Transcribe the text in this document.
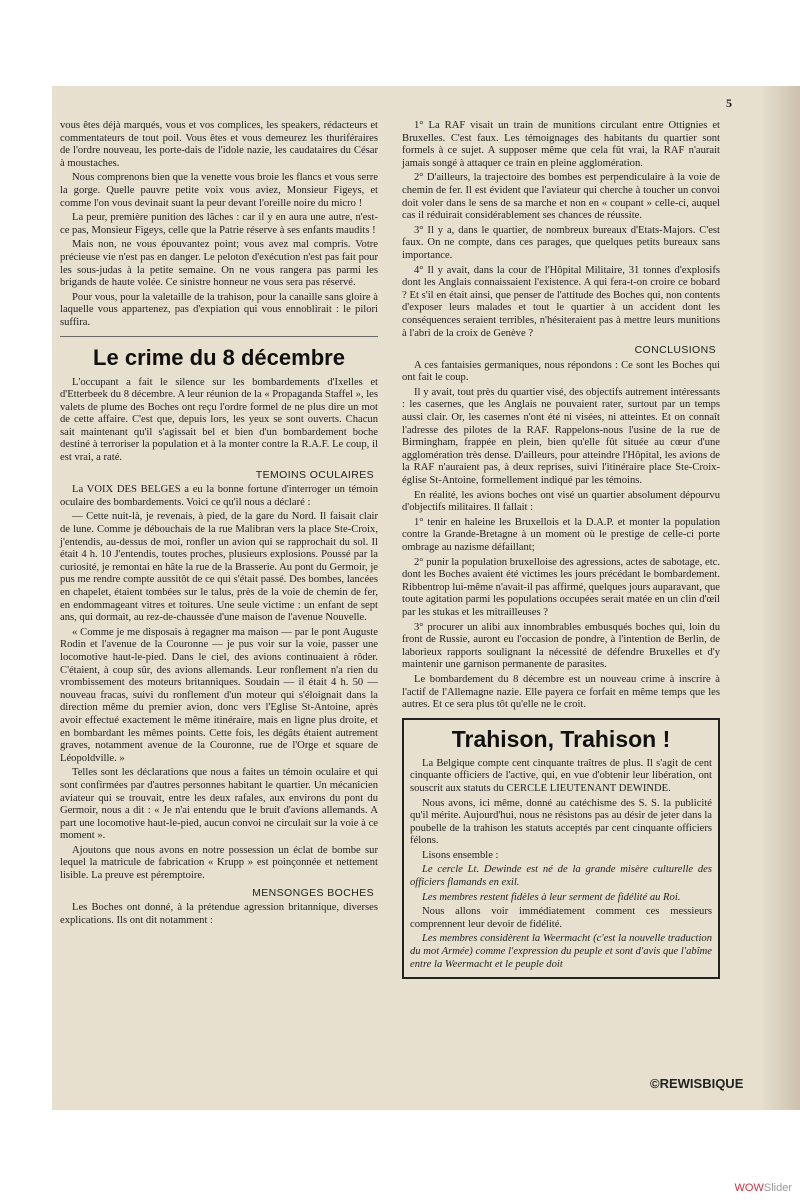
5

vous êtes déjà marqués, vous et vos complices, les speakers, rédacteurs et commentateurs de tout poil. Vous êtes et vous demeurez les thuriféraires de l'ordre nouveau, les porte-dais de l'idole nazie, les caudataires du César à moustaches.

Nous comprenons bien que la venette vous broie les flancs et vous serre la gorge. Quelle pauvre petite voix vous aviez, Monsieur Figeys, et comme l'on vous devinait suant la peur devant l'oreille noire du micro !

La peur, première punition des lâches : car il y en aura une autre, n'est-ce pas, Monsieur Figeys, celle que la Patrie réserve à ses enfants maudits !

Mais non, ne vous épouvantez point; vous avez mal compris. Votre précieuse vie n'est pas en danger. Le peloton d'exécution n'est pas fait pour les sous-judas à la petite semaine. On ne vous rangera pas parmi les brigands de haute volée. Ce sinistre honneur ne vous sera pas réservé.

Pour vous, pour la valetaille de la trahison, pour la canaille sans gloire à laquelle vous appartenez, pas d'expiation qui vous ennoblirait : le pilori suffira.

Le crime du 8 décembre

L'occupant a fait le silence sur les bombardements d'Ixelles et d'Etterbeek du 8 décembre. A leur réunion de la « Propaganda Staffel », les valets de plume des Boches ont reçu l'ordre formel de ne plus dire un mot de cette affaire. C'est que, depuis lors, les yeux se sont ouverts. Chacun sait maintenant qu'il s'agissait bel et bien d'un bombardement boche destiné à terroriser la population et à la monter contre la R.A.F. Le coup, il est vrai, a raté.

TEMOINS OCULAIRES

La VOIX DES BELGES a eu la bonne fortune d'interroger un témoin oculaire des bombardements. Voici ce qu'il nous a déclaré :

— Cette nuit-là, je revenais, à pied, de la gare du Nord. Il faisait clair de lune. Comme je débouchais de la rue Malibran vers la place Ste-Croix, j'entendis, au-dessus de moi, ronfler un avion qui se rapprochait du sol. Il était 4 h. 10 J'entendis, toutes proches, plusieurs explosions. Poussé par la curiosité, je remontai en hâte la rue de la Brasserie. Au pont du Germoir, je pus me rendre compte aussitôt de ce qui s'était passé. Des bombes, lancées en chapelet, étaient tombées sur le talus, près de la voie de chemin de fer, en endommageant vitres et toitures. Une seule victime : un enfant de sept ans, qui dormait, au rez-de-chaussée d'une maison de l'avenue Nouvelle.

« Comme je me disposais à regagner ma maison — par le pont Auguste Rodin et l'avenue de la Couronne — je pus voir sur la voie, passer une locomotive haut-le-pied. Dans le ciel, des avions continuaient à rôder. C'étaient, à coup sûr, des avions allemands. Leur ronflement n'a rien du vrombissement des moteurs britanniques. Soudain — il était 4 h. 50 — nouveau fracas, suivi du ronflement d'un moteur qui s'éloignait dans la direction même du premier avion, donc vers l'Eglise St-Antoine, après avoir effectué exactement le même itinéraire, mais en ligne plus droite, et en bombardant les mêmes points. Cette fois, les dégâts étaient autrement graves, notamment avenue de la Couronne, rue de l'Orge et square de Léopoldville. »

Telles sont les déclarations que nous a faites un témoin oculaire et qui sont confirmées par d'autres personnes habitant le quartier. Un mécanicien aviateur qui se trouvait, entre les deux rafales, aux environs du pont du Germoir, nous a dit : « Je n'ai entendu que le bruit d'avions allemands. A part une locomotive haut-le-pied, aucun convoi ne circulait sur la voie à ce moment ».

Ajoutons que nous avons en notre possession un éclat de bombe sur lequel la matricule de fabrication « Krupp » est poinçonnée et nettement lisible. La preuve est péremptoire.

MENSONGES BOCHES

Les Boches ont donné, à la prétendue agression britannique, diverses explications. Ils ont dit notamment :

1° La RAF visait un train de munitions circulant entre Ottignies et Bruxelles. C'est faux. Les témoignages des habitants du quartier sont formels à ce sujet. A supposer même que cela fût vrai, la RAF n'aurait jamais songé à attaquer ce train en pleine agglomération.

2° D'ailleurs, la trajectoire des bombes est perpendiculaire à la voie de chemin de fer. Il est évident que l'aviateur qui cherche à toucher un convoi doit voler dans le sens de sa marche et non en « coupant » celle-ci, auquel cas il réduirait considérablement ses chances de réussite.

3° Il y a, dans le quartier, de nombreux bureaux d'Etats-Majors. C'est faux. On ne compte, dans ces parages, que quelques petits bureaux sans importance.

4° Il y avait, dans la cour de l'Hôpital Militaire, 31 tonnes d'explosifs dont les Anglais connaissaient l'existence. A qui fera-t-on croire ce bobard ? Et s'il en était ainsi, que penser de l'attitude des Boches qui, non contents d'exposer leurs malades et tout le quartier à un accident dont les conséquences seraient terribles, n'hésiteraient pas à mettre leurs munitions à l'abri de la croix de Genève ?

CONCLUSIONS

A ces fantaisies germaniques, nous répondons : Ce sont les Boches qui ont fait le coup.

Il y avait, tout près du quartier visé, des objectifs autrement intéressants : les casernes, que les Anglais ne pouvaient rater, surtout par un temps aussi clair. Or, les casernes n'ont été ni visées, ni atteintes. Et on connaît l'adresse des pilotes de la RAF. Rappelons-nous l'usine de la rue de Birmingham, frappée en plein, bien qu'elle fût située au cœur d'une agglomération très dense. D'ailleurs, pour atteindre l'Hôpital, les avions de la RAF n'auraient pas, à deux reprises, suivi l'itinéraire place Ste-Croix-église St-Antoine, formellement indiqué par les témoins.

En réalité, les avions boches ont visé un quartier absolument dépourvu d'objectifs militaires. Il fallait :

1° tenir en haleine les Bruxellois et la D.A.P. et monter la population contre la Grande-Bretagne à un moment où le prestige de celle-ci porte ombrage au nazisme défaillant;

2° punir la population bruxelloise des agressions, actes de sabotage, etc. dont les Boches avaient été victimes les jours précédant le bombardement. Ribbentrop lui-même n'avait-il pas affirmé, quelques jours auparavant, que toute agitation parmi les populations occupées serait matée en un clin d'œil par les stukas et les mitrailleuses ?

3° procurer un alibi aux innombrables embusqués boches qui, loin du front de Russie, auront eu l'occasion de pondre, à l'intention de Berlin, de laborieux rapports soulignant la nécessité de défendre Bruxelles et d'y maintenir une garnison permanente de parasites.

Le bombardement du 8 décembre est un nouveau crime à inscrire à l'actif de l'Allemagne nazie. Elle payera ce forfait en même temps que les autres. Et ce sera plus tôt qu'elle ne le croit.

Trahison, Trahison !

La Belgique compte cent cinquante traîtres de plus. Il s'agit de cent cinquante officiers de l'active, qui, en vue d'obtenir leur libération, ont souscrit aux statuts du CERCLE LIEUTENANT DEWINDE.

Nous avons, ici même, donné au catéchisme des S. S. la publicité qu'il mérite. Aujourd'hui, nous ne résistons pas au désir de jeter dans la poubelle de la trahison les statuts acceptés par cent cinquante officiers félons.

Lisons ensemble :

Le cercle Lt. Dewinde est né de la grande misère culturelle des officiers flamands en exil.

Les membres restent fidèles à leur serment de fidélité au Roi.

Nous allons voir immédiatement comment ces messieurs comprennent leur devoir de fidélité.

Les membres considèrent la Weermacht (c'est la nouvelle traduction du mot Armée) comme l'expression du peuple et sont d'avis que l'abîme entre la Weermacht et le peuple doit

©REWISBIQUE
WOWSlider
